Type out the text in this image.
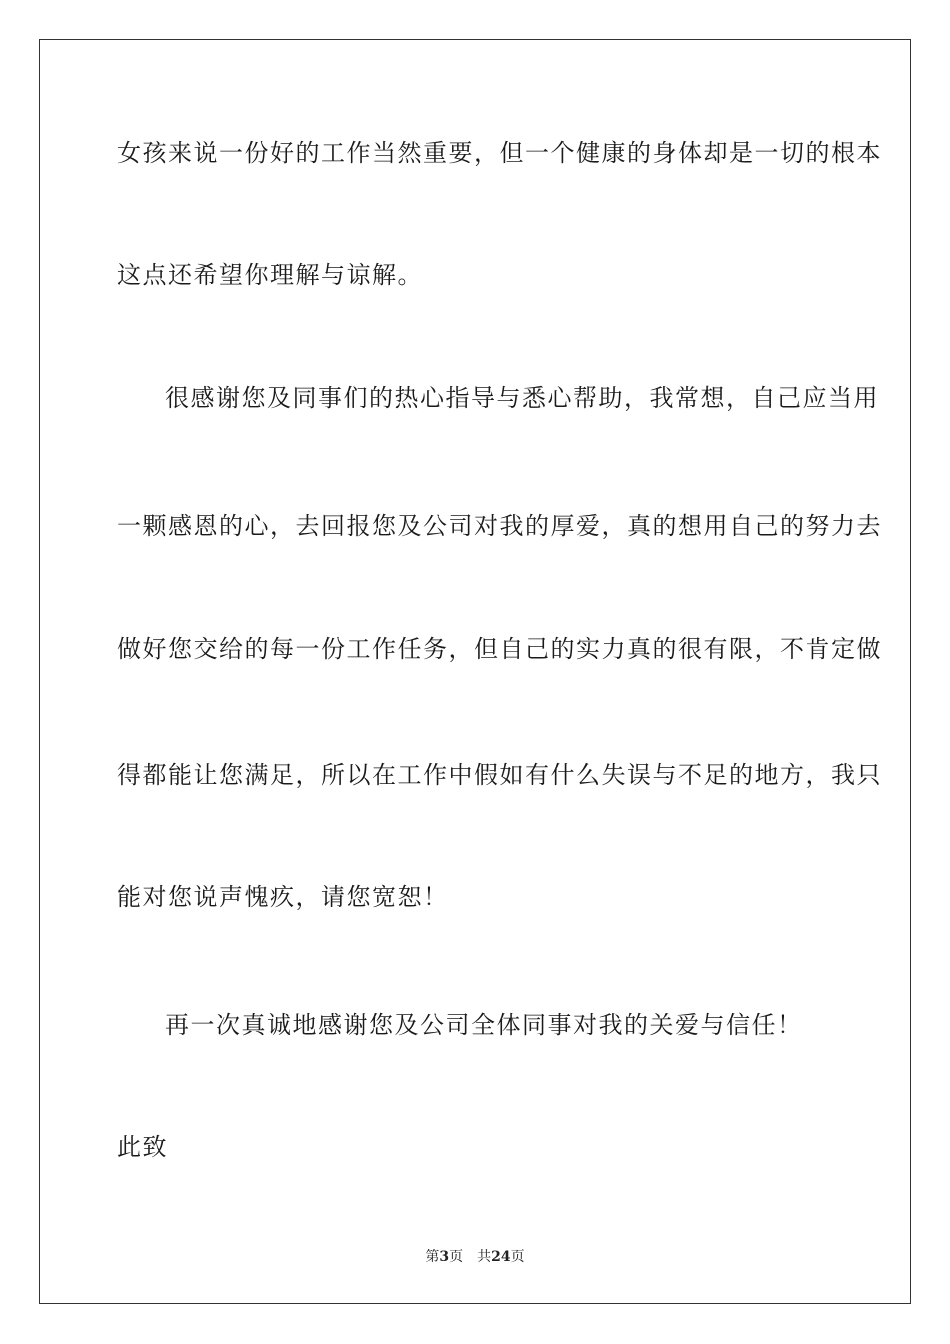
女孩来说一份好的工作当然重要，但一个健康的身体却是一切的根本
这点还希望你理解与谅解。
很感谢您及同事们的热心指导与悉心帮助，我常想，自己应当用
一颗感恩的心，去回报您及公司对我的厚爱，真的想用自己的努力去
做好您交给的每一份工作任务，但自己的实力真的很有限，不肯定做
得都能让您满足，所以在工作中假如有什么失误与不足的地方，我只
能对您说声愧疚，请您宽恕！
再一次真诚地感谢您及公司全体同事对我的关爱与信任！
此致
第3页 共24页
